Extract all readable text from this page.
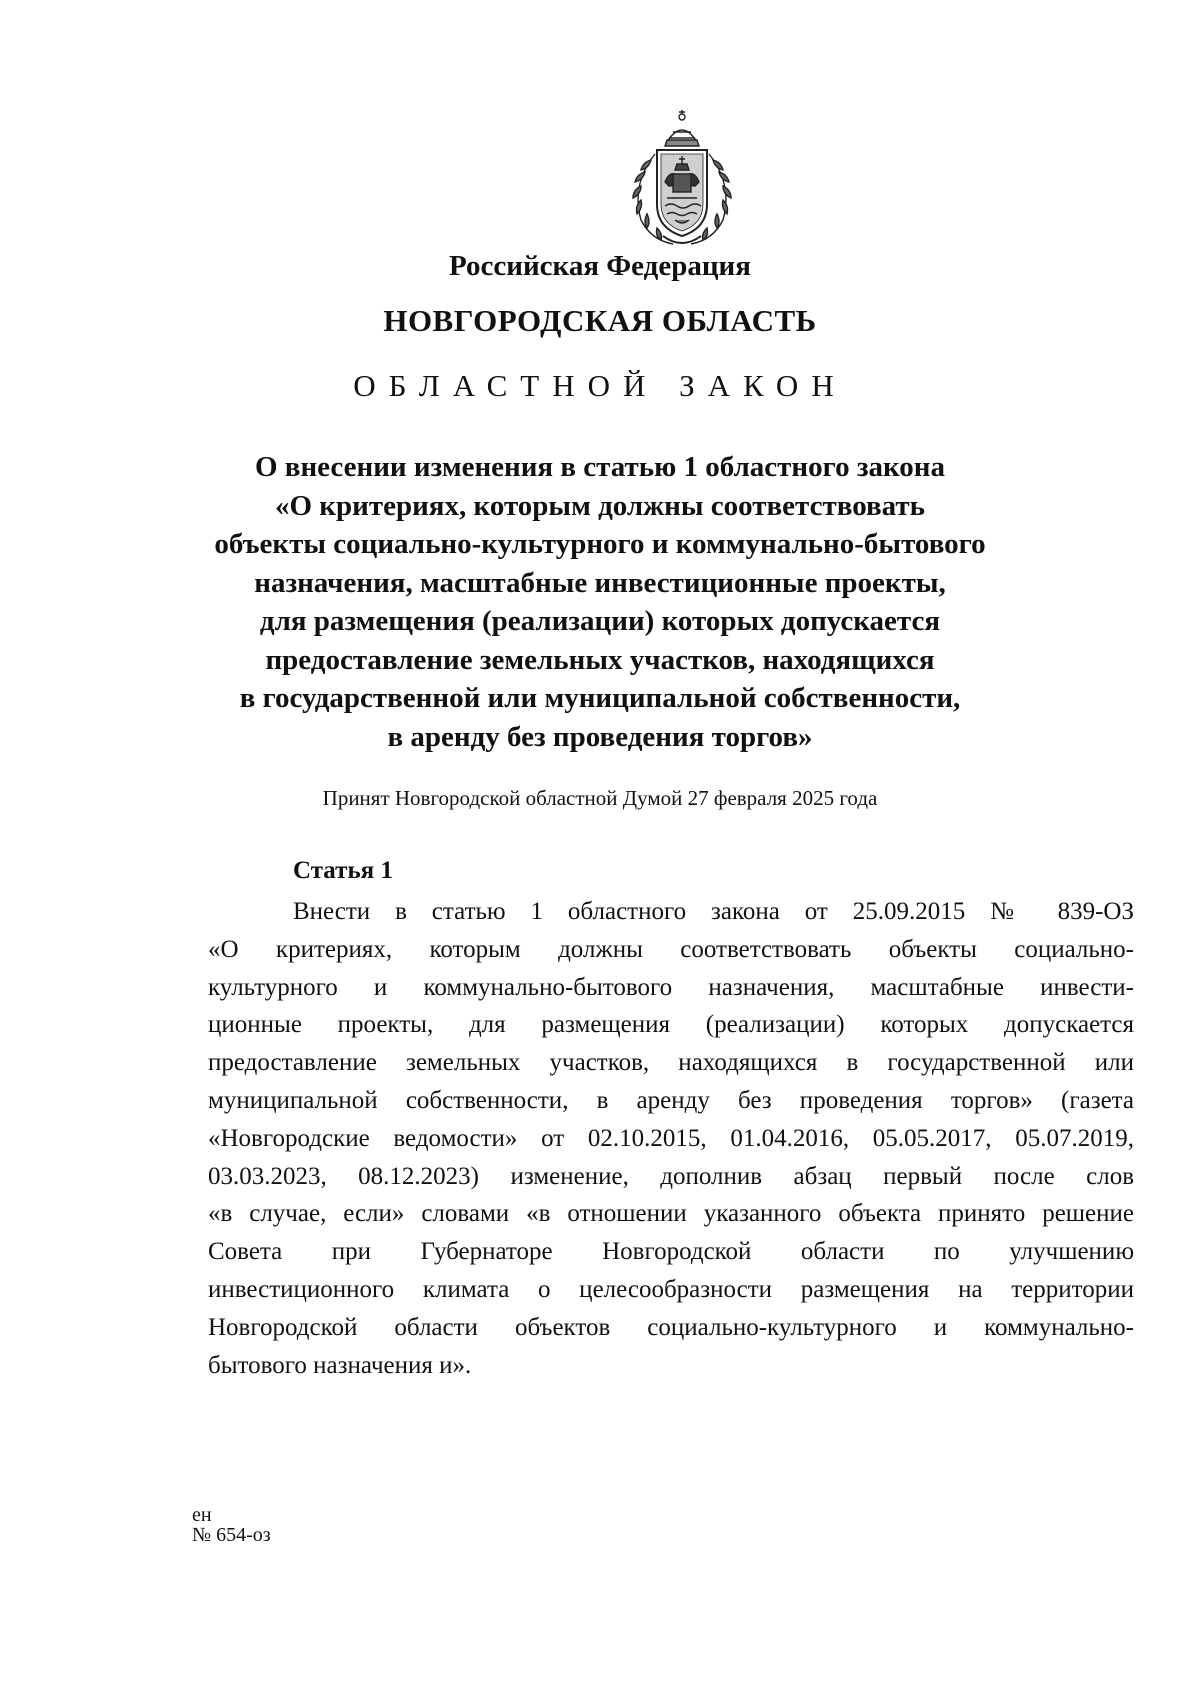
Российская Федерация
НОВГОРОДСКАЯ ОБЛАСТЬ
ОБЛАСТНОЙ ЗАКОН
О внесении изменения в статью 1 областного закона
«О критериях, которым должны соответствовать
объекты социально-культурного и коммунально-бытового
назначения, масштабные инвестиционные проекты,
для размещения (реализации) которых допускается
предоставление земельных участков, находящихся
в государственной или муниципальной собственности,
в аренду без проведения торгов»
Принят Новгородской областной Думой 27 февраля 2025 года
Статья 1
Внести в статью 1 областного закона от 25.09.2015 № 839-ОЗ
«О критериях, которым должны соответствовать объекты социально-
культурного и коммунально-бытового назначения, масштабные инвести-
ционные проекты, для размещения (реализации) которых допускается
предоставление земельных участков, находящихся в государственной или
муниципальной собственности, в аренду без проведения торгов» (газета
«Новгородские ведомости» от 02.10.2015, 01.04.2016, 05.05.2017, 05.07.2019,
03.03.2023, 08.12.2023) изменение, дополнив абзац первый после слов
«в случае, если» словами «в отношении указанного объекта принято решение
Совета при Губернаторе Новгородской области по улучшению
инвестиционного климата о целесообразности размещения на территории
Новгородской области объектов социально-культурного и коммунально-
бытового назначения и».
ен
№ 654-оз
